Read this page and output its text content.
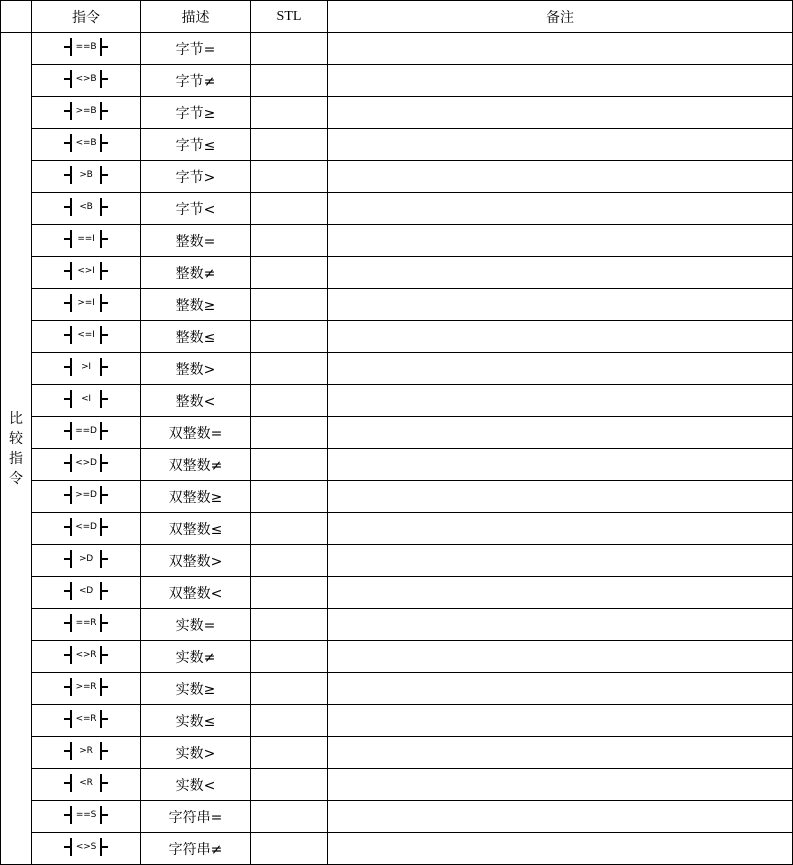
	指令	描述	STL	备注
比较指令	==B	字节=		

	<>B	字节≠		

	>=B	字节≥		

	<=B	字节≤		

	>B	字节>		

	<B	字节<		

	==I	整数=		

	<>I	整数≠		

	>=I	整数≥		

	<=I	整数≤		

	>I	整数>		

	<I	整数<		

	==D	双整数=		

	<>D	双整数≠		

	>=D	双整数≥		

	<=D	双整数≤		

	>D	双整数>		

	<D	双整数<		

	==R	实数=		

	<>R	实数≠		

	>=R	实数≥		

	<=R	实数≤		

	>R	实数>		

	<R	实数<		

	==S	字符串=		

	<>S	字符串≠		
